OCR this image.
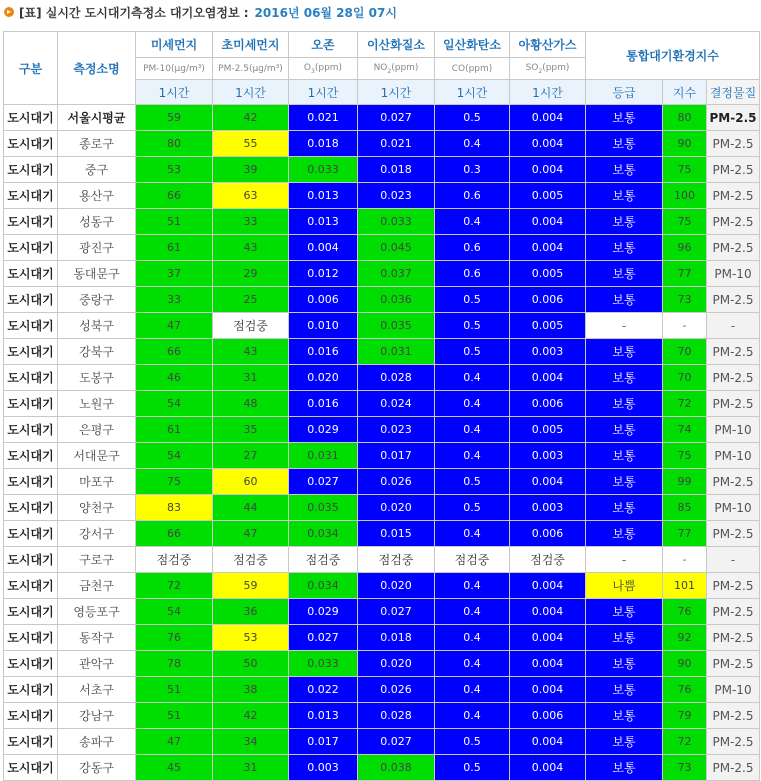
▸ [표] 실시간 도시대기측정소 대기오염정보 : 2016년 06월 28일 07시
구분	측정소명	미세먼지	초미세먼지	오존	이산화질소	일산화탄소	아황산가스	통합대기환경지수		
		PM-10(μg/m³)	PM-2.5(μg/m³)	$O_3(ppm)$	$NO_2(ppm)$	CO(ppm)	$SO_2(ppm)$			
		1시간	1시간	1시간	1시간	1시간	1시간	등급	지수	결정물질
도시대기	서울시평균	59	42	0.021	0.027	0.5	0.004	보통	80	PM-2.5
도시대기	종로구	80	55	0.018	0.021	0.4	0.004	보통	90	PM-2.5
도시대기	중구	53	39	0.033	0.018	0.3	0.004	보통	75	PM-2.5
도시대기	용산구	66	63	0.013	0.023	0.6	0.005	보통	100	PM-2.5
도시대기	성동구	51	33	0.013	0.033	0.4	0.004	보통	75	PM-2.5
도시대기	광진구	61	43	0.004	0.045	0.6	0.004	보통	96	PM-2.5
도시대기	동대문구	37	29	0.012	0.037	0.6	0.005	보통	77	PM-10
도시대기	중랑구	33	25	0.006	0.036	0.5	0.006	보통	73	PM-2.5
도시대기	성북구	47	점검중	0.010	0.035	0.5	0.005	-	-	-
도시대기	강북구	66	43	0.016	0.031	0.5	0.003	보통	70	PM-2.5
도시대기	도봉구	46	31	0.020	0.028	0.4	0.004	보통	70	PM-2.5
도시대기	노원구	54	48	0.016	0.024	0.4	0.006	보통	72	PM-2.5
도시대기	은평구	61	35	0.029	0.023	0.4	0.005	보통	74	PM-10
도시대기	서대문구	54	27	0.031	0.017	0.4	0.003	보통	75	PM-10
도시대기	마포구	75	60	0.027	0.026	0.5	0.004	보통	99	PM-2.5
도시대기	양천구	83	44	0.035	0.020	0.5	0.003	보통	85	PM-10
도시대기	강서구	66	47	0.034	0.015	0.4	0.006	보통	77	PM-2.5
도시대기	구로구	점검중	점검중	점검중	점검중	점검중	점검중	-	-	-
도시대기	금천구	72	59	0.034	0.020	0.4	0.004	나쁨	101	PM-2.5
도시대기	영등포구	54	36	0.029	0.027	0.4	0.004	보통	76	PM-2.5
도시대기	동작구	76	53	0.027	0.018	0.4	0.004	보통	92	PM-2.5
도시대기	관악구	78	50	0.033	0.020	0.4	0.004	보통	90	PM-2.5
도시대기	서초구	51	38	0.022	0.026	0.4	0.004	보통	76	PM-10
도시대기	강남구	51	42	0.013	0.028	0.4	0.006	보통	79	PM-2.5
도시대기	송파구	47	34	0.017	0.027	0.5	0.004	보통	72	PM-2.5
도시대기	강동구	45	31	0.003	0.038	0.5	0.004	보통	73	PM-2.5
